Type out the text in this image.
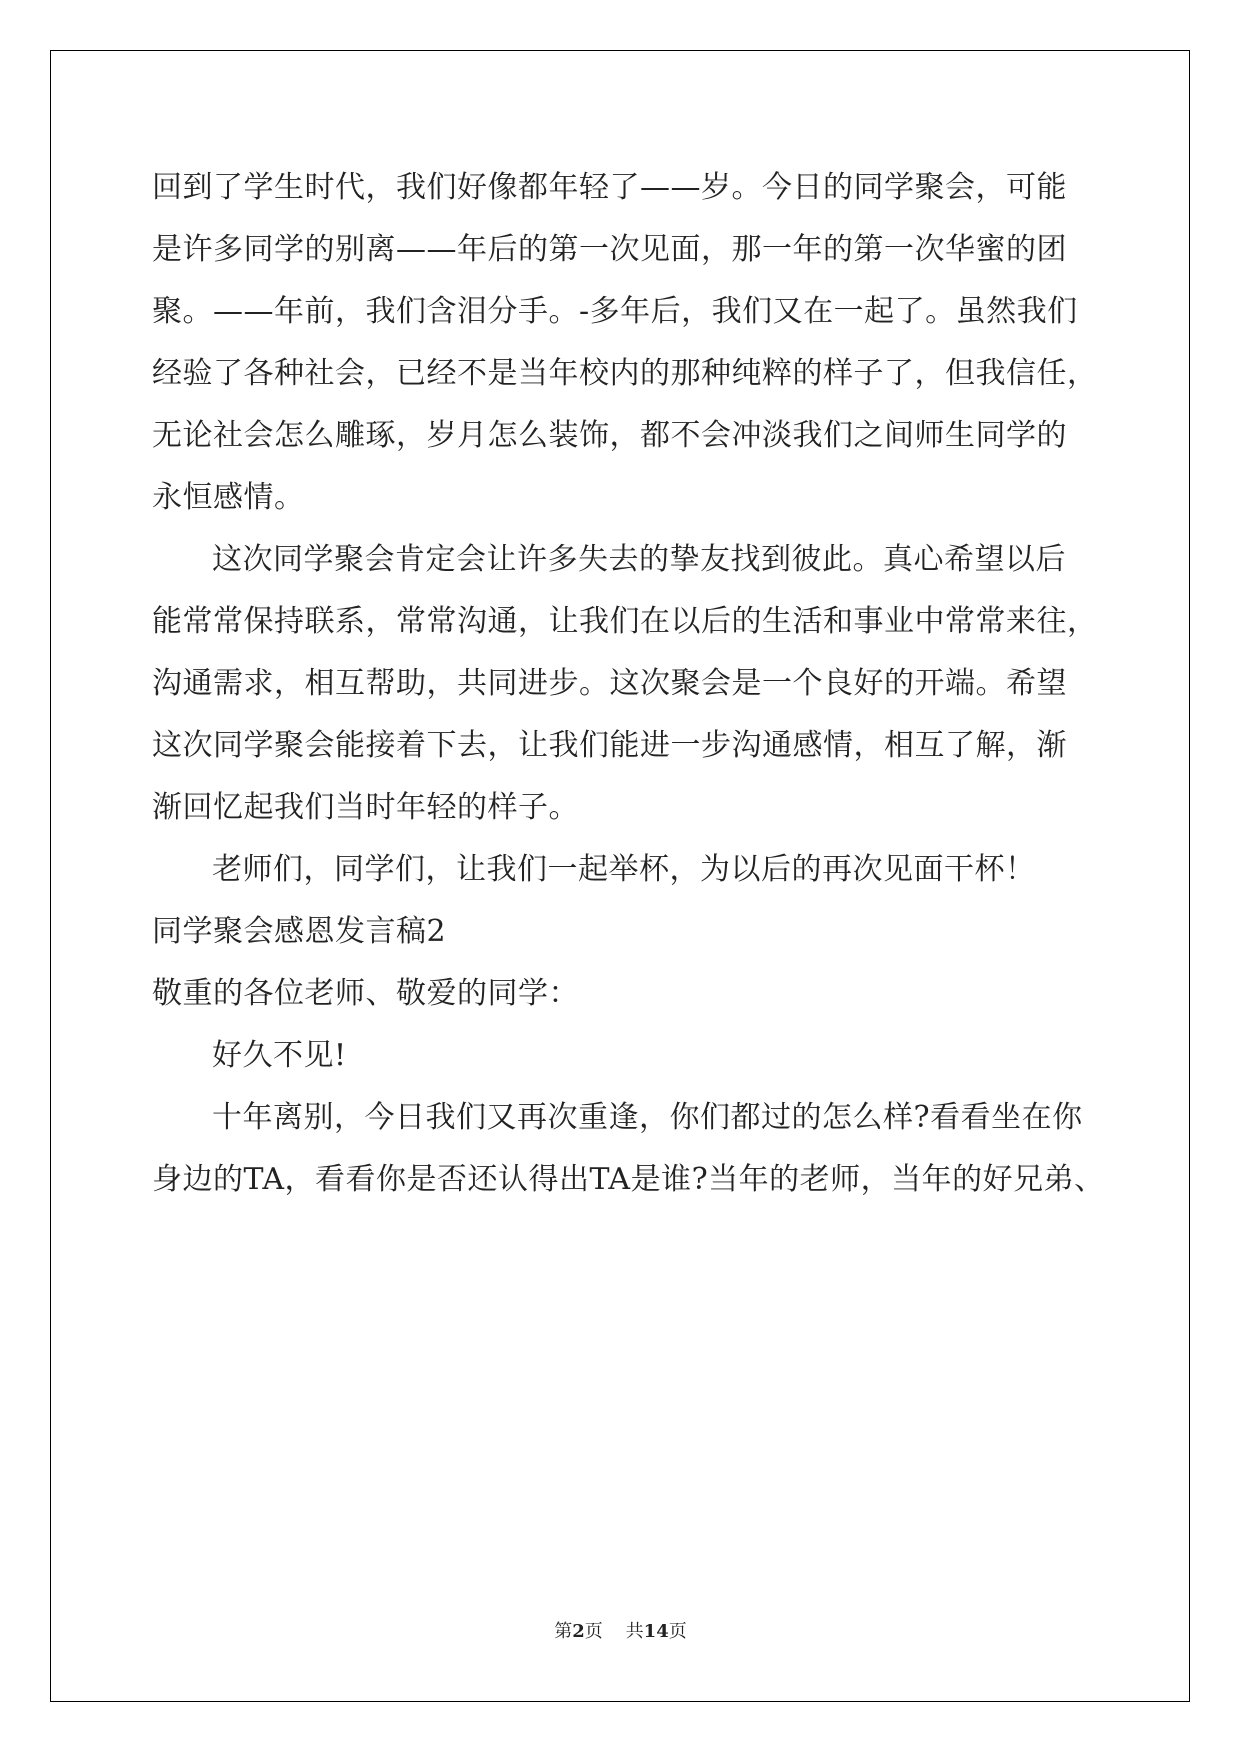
回到了学生时代，我们好像都年轻了——岁。今日的同学聚会，可能

是许多同学的别离——年后的第一次见面，那一年的第一次华蜜的团

聚。——年前，我们含泪分手。-多年后，我们又在一起了。虽然我们

经验了各种社会，已经不是当年校内的那种纯粹的样子了，但我信任，

无论社会怎么雕琢，岁月怎么装饰，都不会冲淡我们之间师生同学的

永恒感情。

这次同学聚会肯定会让许多失去的挚友找到彼此。真心希望以后

能常常保持联系，常常沟通，让我们在以后的生活和事业中常常来往，

沟通需求，相互帮助，共同进步。这次聚会是一个良好的开端。希望

这次同学聚会能接着下去，让我们能进一步沟通感情，相互了解，渐

渐回忆起我们当时年轻的样子。

老师们，同学们，让我们一起举杯，为以后的再次见面干杯！

同学聚会感恩发言稿2

敬重的各位老师、敬爱的同学：

好久不见!

十年离别，今日我们又再次重逢，你们都过的怎么样?看看坐在你

身边的TA，看看你是否还认得出TA是谁?当年的老师，当年的好兄弟、

第2页 共14页
